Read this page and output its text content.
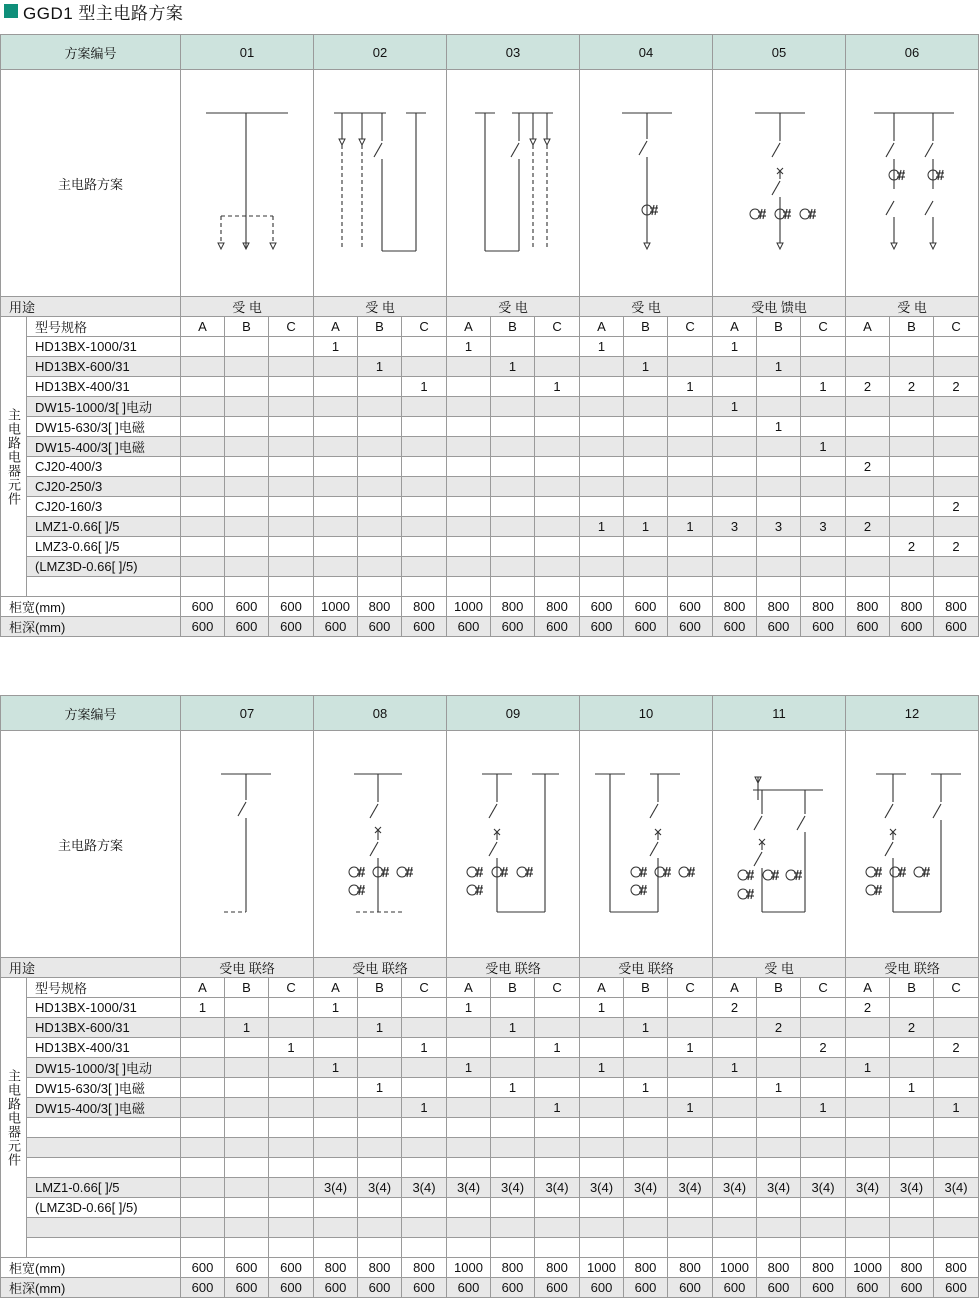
GGD1 型主电路方案
方案编号		01			02			03			04			05			06		
主电路方案	

用途		受 电			受 电			受 电			受 电			受电 馈电			受 电		
主电路电器元件	型号规格	A	B	C	A	B	C	A	B	C	A	B	C	A	B	C	A	B	C
	HD13BX-1000/31				1			1			1			1					
	HD13BX-600/31					1			1			1			1				
	HD13BX-400/31						1			1			1			1	2	2	2
	DW15-1000/3[ ]电动													1					
	DW15-630/3[ ]电磁														1				
	DW15-400/3[ ]电磁															1			
	CJ20-400/3																2		
	CJ20-250/3																		
	CJ20-160/3																		2
	LMZ1-0.66[ ]/5										1	1	1	3	3	3	2		
	LMZ3-0.66[ ]/5																	2	2
	(LMZ3D-0.66[ ]/5)																		

柜宽(mm)		600	600	600	1000	800	800	1000	800	800	600	600	600	800	800	800	800	800	800
柜深(mm)		600	600	600	600	600	600	600	600	600	600	600	600	600	600	600	600	600	600
方案编号		07			08			09			10			11			12		
主电路方案	

用途		受电 联络			受电 联络			受电 联络			受电 联络			受 电			受电 联络		
主电路电器元件	型号规格	A	B	C	A	B	C	A	B	C	A	B	C	A	B	C	A	B	C
	HD13BX-1000/31	1			1			1			1			2			2		
	HD13BX-600/31		1			1			1			1			2			2	
	HD13BX-400/31			1			1			1			1			2			2
	DW15-1000/3[ ]电动				1			1			1			1			1		
	DW15-630/3[ ]电磁					1			1			1			1			1	
	DW15-400/3[ ]电磁						1			1			1			1			1

	LMZ1-0.66[ ]/5				3(4)	3(4)	3(4)	3(4)	3(4)	3(4)	3(4)	3(4)	3(4)	3(4)	3(4)	3(4)	3(4)	3(4)	3(4)
	(LMZ3D-0.66[ ]/5)																		

柜宽(mm)		600	600	600	800	800	800	1000	800	800	1000	800	800	1000	800	800	1000	800	800
柜深(mm)		600	600	600	600	600	600	600	600	600	600	600	600	600	600	600	600	600	600
